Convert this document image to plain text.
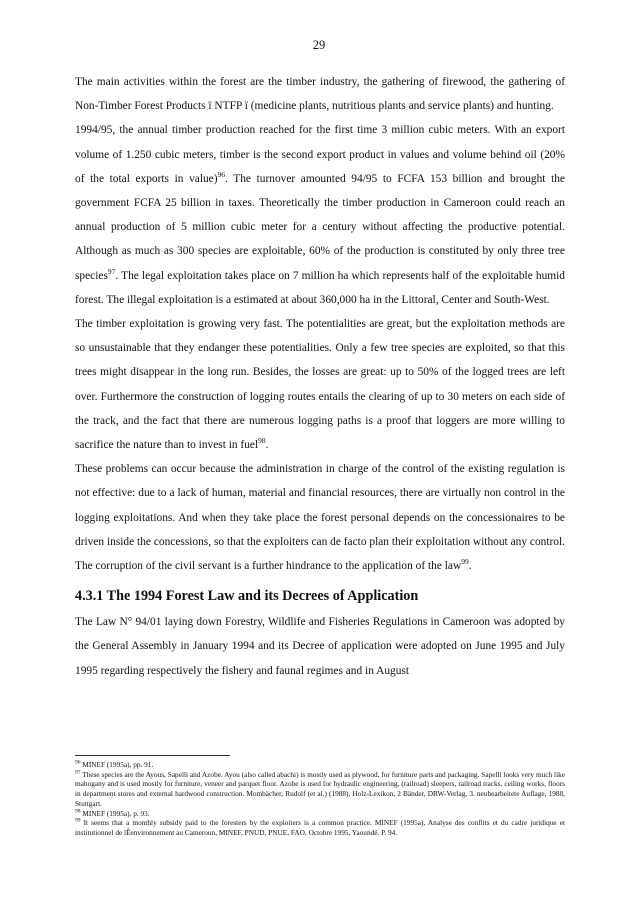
29

The main activities within the forest are the timber industry, the gathering of firewood, the gathering of Non-Timber Forest Products ï NTFP ï (medicine plants, nutritious plants and service plants) and hunting.

1994/95, the annual timber production reached for the first time 3 million cubic meters. With an export volume of 1.250 cubic meters, timber is the second export product in values and volume behind oil (20% of the total exports in value)$^{96}$. The turnover amounted 94/95 to FCFA 153 billion and brought the government FCFA 25 billion in taxes. Theoretically the timber production in Cameroon could reach an annual production of 5 million cubic meter for a century without affecting the productive potential. Although as much as 300 species are exploitable, 60% of the production is constituted by only three tree species$^{97}$. The legal exploitation takes place on 7 million ha which represents half of the exploitable humid forest. The illegal exploitation is a estimated at about 360,000 ha in the Littoral, Center and South-West.

The timber exploitation is growing very fast. The potentialities are great, but the exploitation methods are so unsustainable that they endanger these potentialities. Only a few tree species are exploited, so that this trees might disappear in the long run. Besides, the losses are great: up to 50% of the logged trees are left over. Furthermore the construction of logging routes entails the clearing of up to 30 meters on each side of the track, and the fact that there are numerous logging paths is a proof that loggers are more willing to sacrifice the nature than to invest in fuel$^{98}$.

These problems can occur because the administration in charge of the control of the existing regulation is not effective: due to a lack of human, material and financial resources, there are virtually non control in the logging exploitations. And when they take place the forest personal depends on the concessionaires to be driven inside the concessions, so that the exploiters can de facto plan their exploitation without any control. The corruption of the civil servant is a further hindrance to the application of the law$^{99}$.

4.3.1 The 1994 Forest Law and its Decrees of Application

The Law N° 94/01 laying down Forestry, Wildlife and Fisheries Regulations in Cameroon was adopted by the General Assembly in January 1994 and its Decree of application were adopted on June 1995 and July 1995 regarding respectively the fishery and faunal regimes and in August

$^{96}$ MINEF (1995a), pp. 91.

$^{97}$ These species are the Ayous, Sapelli and Azobe. Ayou (also called abachi) is mostly used as plywood, for furniture parts and packaging. Sapelli looks very much like mahogany and is used mostly for furniture, veneer and parquet floor. Azobe is used for hydraulic engineering, (railroad) sleepers, railroad tracks, ceiling works, floors in department stores and external hardwood construction. Mombächer, Rudolf (et al.) (1988), Holz-Lexikon, 2 Bänder, DRW-Verlag, 3. neubearbeitete Auflage, 1988, Stuttgart.

$^{98}$ MINEF (1995a), p. 93.

$^{99}$ It seems that a monthly subsidy paid to the foresters by the exploiters is a common practice. MINEF (1995a), Analyse des conflits et du cadre juridique et institutionnel de lÊenvironnement au Cameroun, MINEF, PNUD, PNUE, FAO, Octobre 1995, Yaoundé. P. 94.
